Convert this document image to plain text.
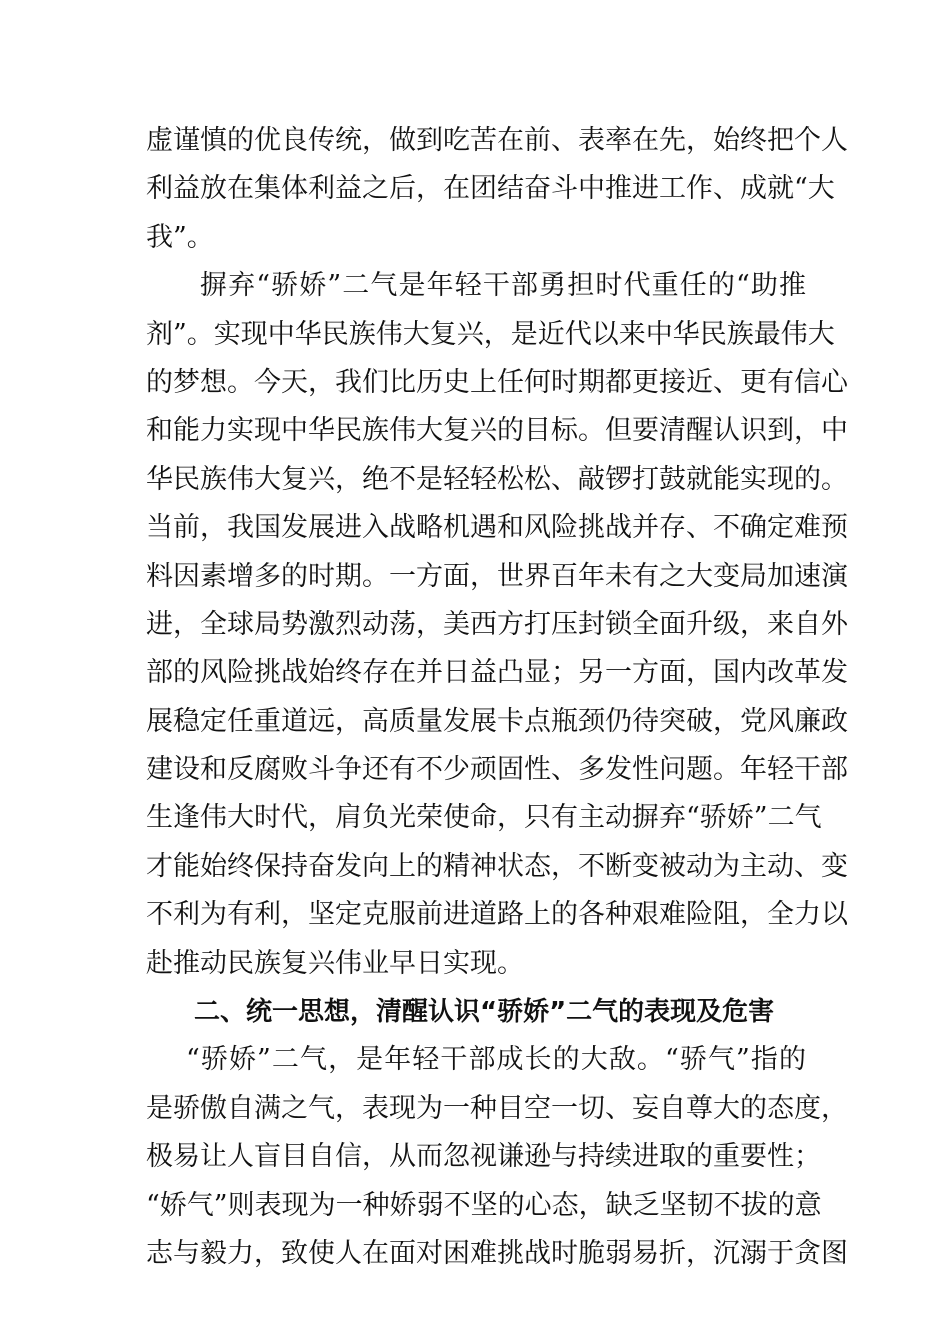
虚谨慎的优良传统，做到吃苦在前、表率在先，始终把个人
利益放在集体利益之后，在团结奋斗中推进工作、成就“大
我”。
摒弃“骄娇”二气是年轻干部勇担时代重任的“助推
剂”。实现中华民族伟大复兴，是近代以来中华民族最伟大
的梦想。今天，我们比历史上任何时期都更接近、更有信心
和能力实现中华民族伟大复兴的目标。但要清醒认识到，中
华民族伟大复兴，绝不是轻轻松松、敲锣打鼓就能实现的。
当前，我国发展进入战略机遇和风险挑战并存、不确定难预
料因素增多的时期。一方面，世界百年未有之大变局加速演
进，全球局势激烈动荡，美西方打压封锁全面升级，来自外
部的风险挑战始终存在并日益凸显；另一方面，国内改革发
展稳定任重道远，高质量发展卡点瓶颈仍待突破，党风廉政
建设和反腐败斗争还有不少顽固性、多发性问题。年轻干部
生逢伟大时代，肩负光荣使命，只有主动摒弃“骄娇”二气
才能始终保持奋发向上的精神状态，不断变被动为主动、变
不利为有利，坚定克服前进道路上的各种艰难险阻，全力以
赴推动民族复兴伟业早日实现。
二、统一思想，清醒认识“骄娇”二气的表现及危害
“骄娇”二气，是年轻干部成长的大敌。“骄气”指的
是骄傲自满之气，表现为一种目空一切、妄自尊大的态度，
极易让人盲目自信，从而忽视谦逊与持续进取的重要性；
“娇气”则表现为一种娇弱不坚的心态，缺乏坚韧不拔的意
志与毅力，致使人在面对困难挑战时脆弱易折，沉溺于贪图
